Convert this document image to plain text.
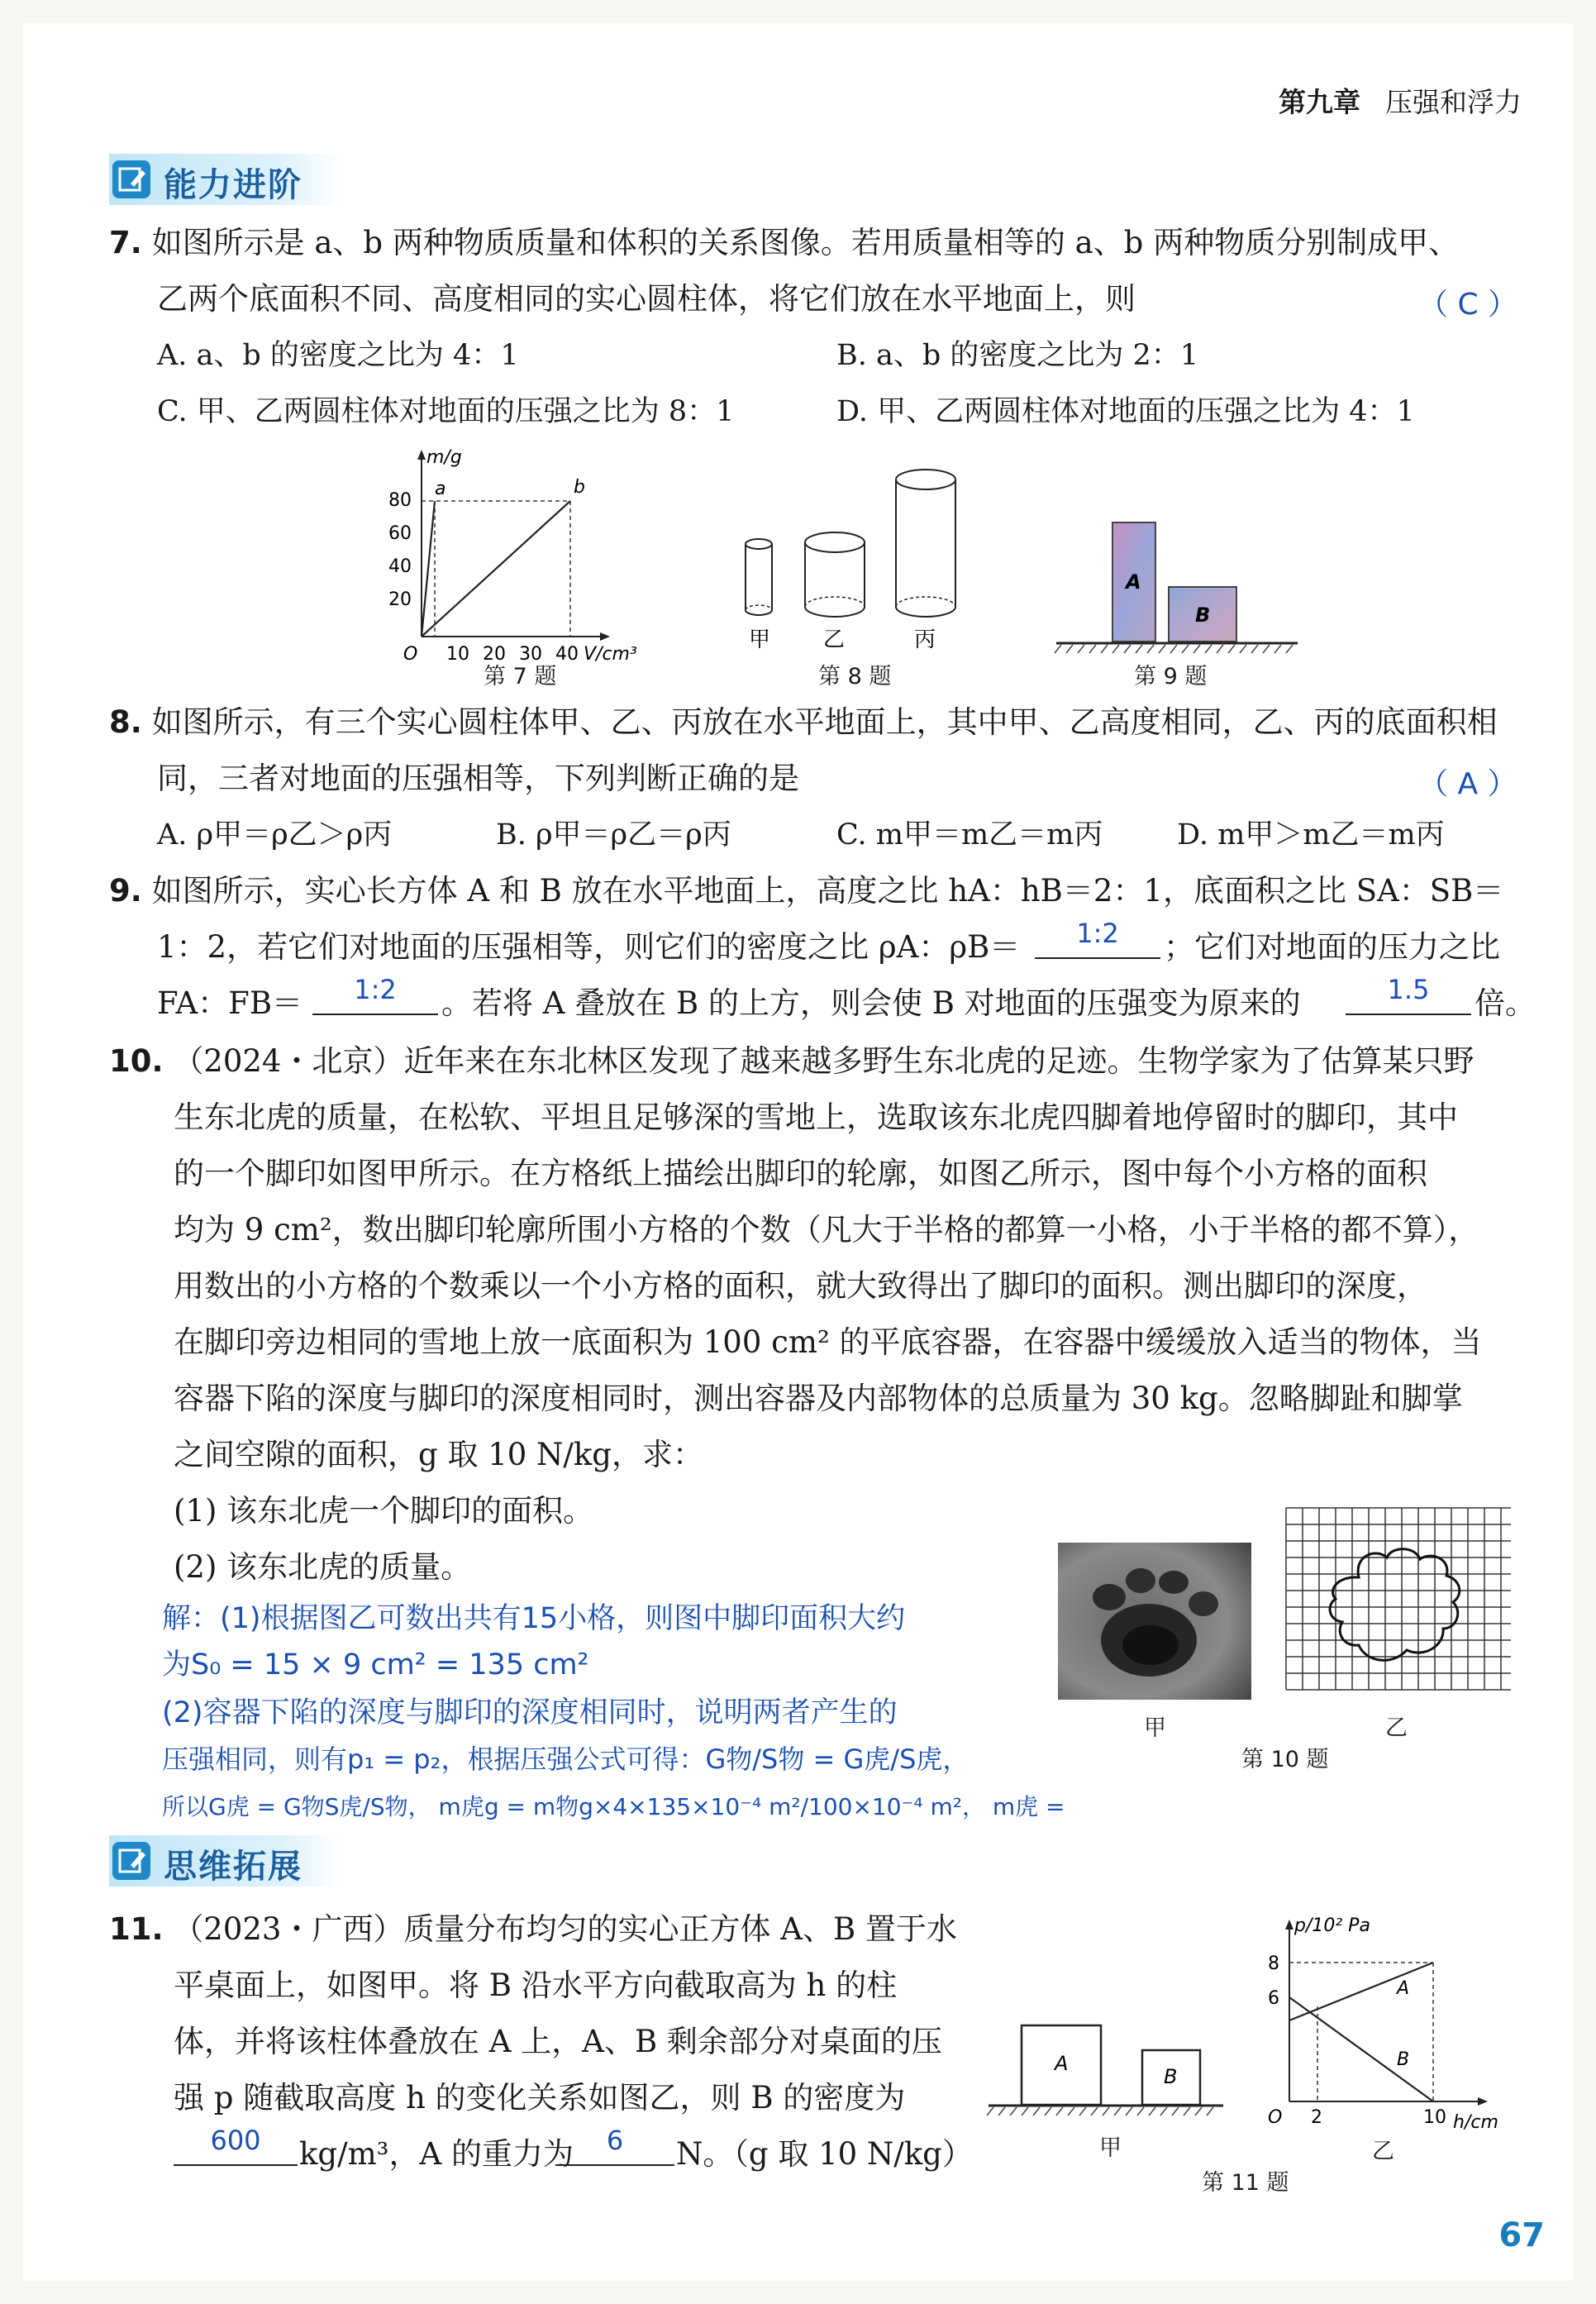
第九章 压强和浮力
能力进阶
7. 如图所示是 a、b 两种物质质量和体积的关系图像。若用质量相等的 a、b 两种物质分别制成甲、
乙两个底面积不同、高度相同的实心圆柱体，将它们放在水平地面上，则	（ C ）
A. a、b 的密度之比为 4：1	B. a、b 的密度之比为 2：1
C. 甲、乙两圆柱体对地面的压强之比为 8：1	D. 甲、乙两圆柱体对地面的压强之比为 4：1
m/g
a	b
80
60
40
20
O 10 20 30 40 V/cm³
第 7 题
甲 乙	丙
第 8 题
A
B
第 9 题
8. 如图所示，有三个实心圆柱体甲、乙、丙放在水平地面上，其中甲、乙高度相同，乙、丙的底面积相
同，三者对地面的压强相等，下列判断正确的是	（ A ）
A. ρ甲＝ρ乙＞ρ丙	B. ρ甲＝ρ乙＝ρ丙	C. m甲＝m乙＝m丙	D. m甲＞m乙＝m丙
9. 如图所示，实心长方体 A 和 B 放在水平地面上，高度之比 hA：hB＝2：1，底面积之比 SA：SB＝
1：2，若它们对地面的压强相等，则它们的密度之比 ρA：ρB＝	1:2	；它们对地面的压力之比
FA：FB＝	1:2	。若将 A 叠放在 B 的上方，则会使 B 对地面的压强变为原来的	1.5	倍。
10. （2024・北京）近年来在东北林区发现了越来越多野生东北虎的足迹。生物学家为了估算某只野
生东北虎的质量，在松软、平坦且足够深的雪地上，选取该东北虎四脚着地停留时的脚印，其中
的一个脚印如图甲所示。在方格纸上描绘出脚印的轮廓，如图乙所示，图中每个小方格的面积
均为 9 cm²，数出脚印轮廓所围小方格的个数（凡大于半格的都算一小格，小于半格的都不算），
用数出的小方格的个数乘以一个小方格的面积，就大致得出了脚印的面积。测出脚印的深度，
在脚印旁边相同的雪地上放一底面积为 100 cm² 的平底容器，在容器中缓缓放入适当的物体，当
容器下陷的深度与脚印的深度相同时，测出容器及内部物体的总质量为 30 kg。忽略脚趾和脚掌
之间空隙的面积，g 取 10 N/kg，求：
(1) 该东北虎一个脚印的面积。
(2) 该东北虎的质量。
解：(1)根据图乙可数出共有15小格，则图中脚印面积大约
为S₀ = 15 × 9 cm² = 135 cm²
(2)容器下陷的深度与脚印的深度相同时，说明两者产生的
压强相同，则有p₁ = p₂，根据压强公式可得：G物/S物 = G虎/S虎，
所以G虎 = G物S虎/S物， m虎g = m物g×4×135×10⁻⁴ m²/100×10⁻⁴ m²， m虎 =
甲	乙
第 10 题
思维拓展
11. （2023・广西）质量分布均匀的实心正方体 A、B 置于水
平桌面上，如图甲。将 B 沿水平方向截取高为 h 的柱
体，并将该柱体叠放在 A 上，A、B 剩余部分对桌面的压
强 p 随截取高度 h 的变化关系如图乙，则 B 的密度为
600	kg/m³，A 的重力为	6	N。（g 取 10 N/kg）
A
B
甲
p/10² Pa
8
6	A
B
O 2	10 h/cm
乙
第 11 题
67
